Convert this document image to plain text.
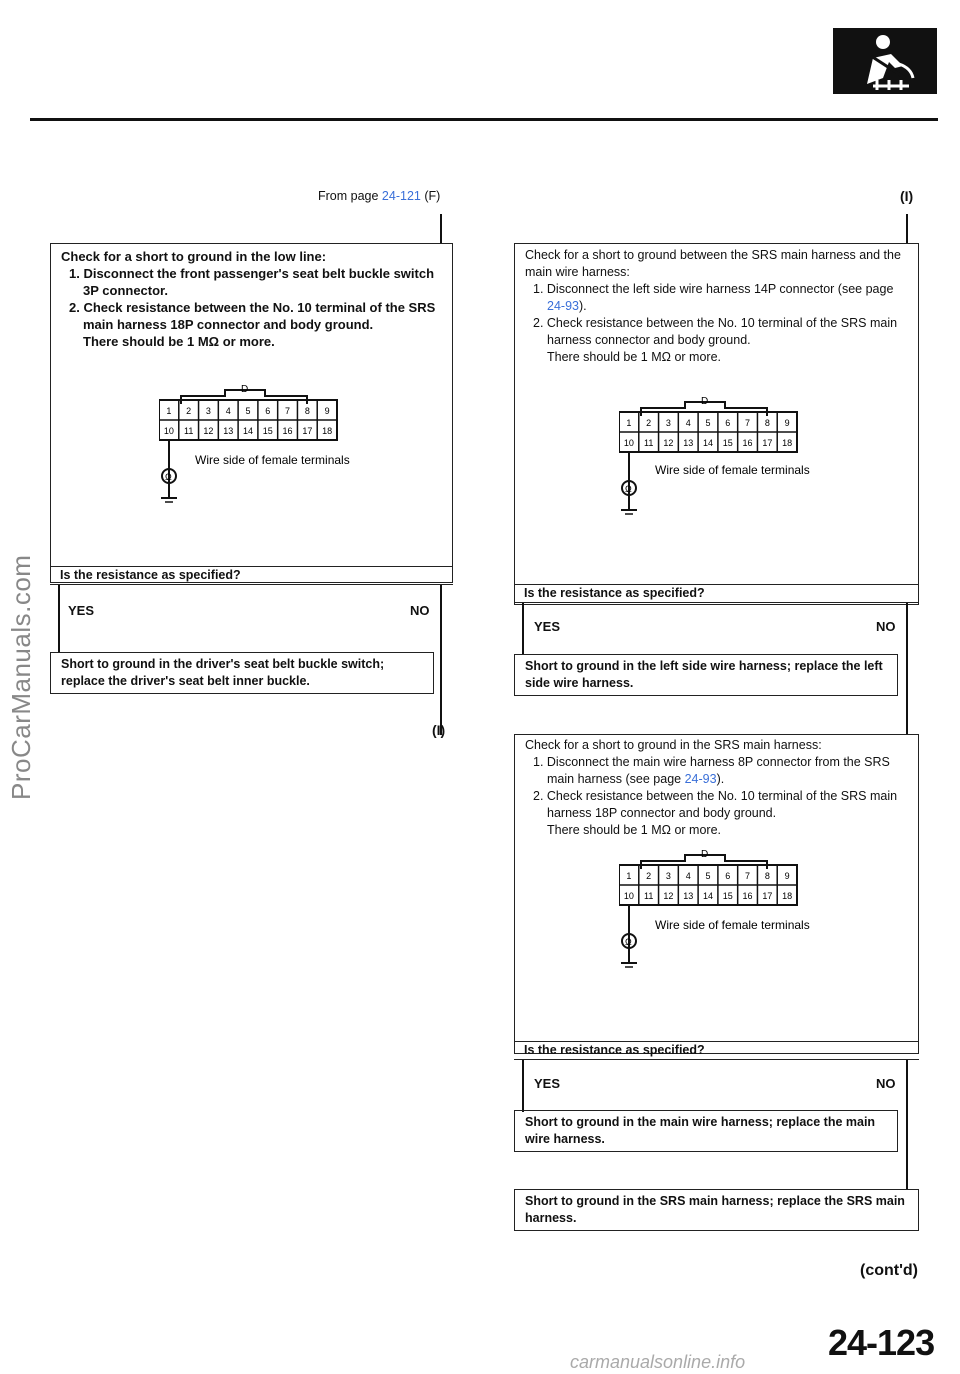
From page 24-121 (F)
Check for a short to ground in the low line:
1. Disconnect the front passenger's seat belt buckle switch 3P connector.
2. Check resistance between the No. 10 terminal of the SRS main harness 18P connector and body ground.
There should be 1 MΩ or more.
D
1 2 3 4 5 6 7 8 9
10 11 12 13 14 15 16 17 18
Ω
Wire side of female terminals
Is the resistance as specified?
YES	NO
Short to ground in the driver's seat belt buckle switch; replace the driver's seat belt inner buckle.
(I)
(I)
Check for a short to ground between the SRS main harness and the main wire harness:
1. Disconnect the left side wire harness 14P connector (see page 24-93).
2. Check resistance between the No. 10 terminal of the SRS main harness connector and body ground.
There should be 1 MΩ or more.
D
1 2 3 4 5 6 7 8 9
10 11 12 13 14 15 16 17 18
Ω
Wire side of female terminals
Is the resistance as specified?
YES	NO
Short to ground in the left side wire harness; replace the left side wire harness.
Check for a short to ground in the SRS main harness:
1. Disconnect the main wire harness 8P connector from the SRS main harness (see page 24-93).
2. Check resistance between the No. 10 terminal of the SRS main harness 18P connector and body ground.
There should be 1 MΩ or more.
D
1 2 3 4 5 6 7 8 9
10 11 12 13 14 15 16 17 18
Ω
Wire side of female terminals
Is the resistance as specified?
YES	NO
Short to ground in the main wire harness; replace the main wire harness.
Short to ground in the SRS main harness; replace the SRS main harness.
(cont'd)
24-123
ProCarManuals.com
carmanualsonline.info
